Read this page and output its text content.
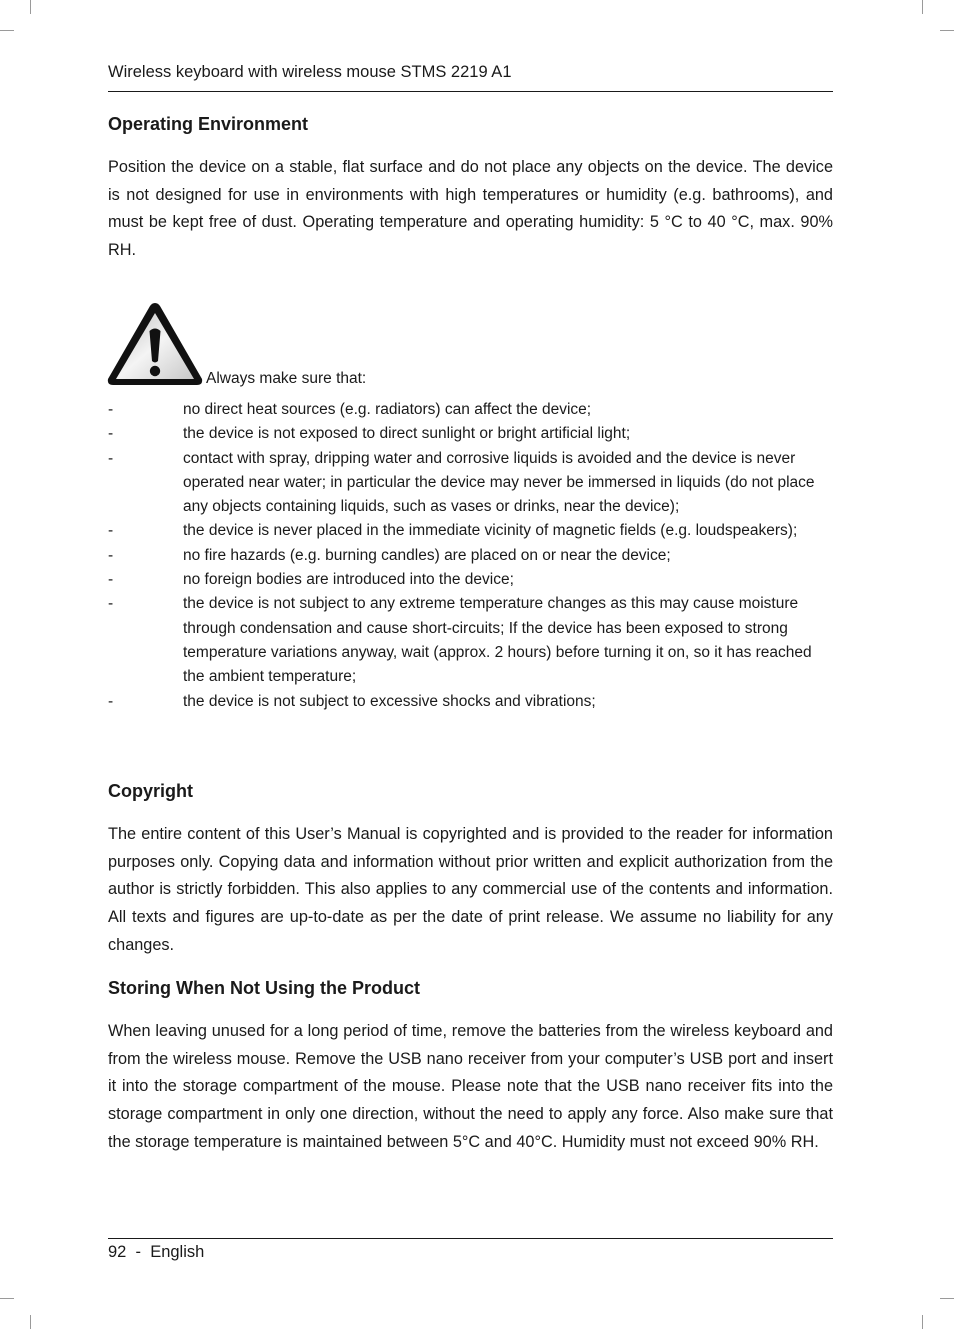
Wireless keyboard with wireless mouse STMS 2219 A1
Operating Environment

Position the device on a stable, flat surface and do not place any objects on the device. The device is not designed for use in environments with high temperatures or humidity (e.g. bathrooms), and must be kept free of dust. Operating temperature and operating humidity: 5 °C to 40 °C, max. 90% RH.

Always make sure that:
-	no direct heat sources (e.g. radiators) can affect the device;
-	the device is not exposed to direct sunlight or bright artificial light;
-	contact with spray, dripping water and corrosive liquids is avoided and the device is never operated near water; in particular the device may never be immersed in liquids (do not place any objects containing liquids, such as vases or drinks, near the device);
-	the device is never placed in the immediate vicinity of magnetic fields (e.g. loudspeakers);
-	no fire hazards (e.g. burning candles) are placed on or near the device;
-	no foreign bodies are introduced into the device;
-	the device is not subject to any extreme temperature changes as this may cause moisture through condensation and cause short-circuits; If the device has been exposed to strong temperature variations anyway, wait (approx. 2 hours) before turning it on, so it has reached the ambient temperature;
-	the device is not subject to excessive shocks and vibrations;
Copyright

The entire content of this User’s Manual is copyrighted and is provided to the reader for information purposes only. Copying data and information without prior written and explicit authorization from the author is strictly forbidden. This also applies to any commercial use of the contents and information. All texts and figures are up-to-date as per the date of print release. We assume no liability for any changes.

Storing When Not Using the Product

When leaving unused for a long period of time, remove the batteries from the wireless keyboard and from the wireless mouse. Remove the USB nano receiver from your computer’s USB port and insert it into the storage compartment of the mouse. Please note that the USB nano receiver fits into the storage compartment in only one direction, without the need to apply any force. Also make sure that the storage temperature is maintained between 5°C and 40°C. Humidity must not exceed 90% RH.

92  -  English
